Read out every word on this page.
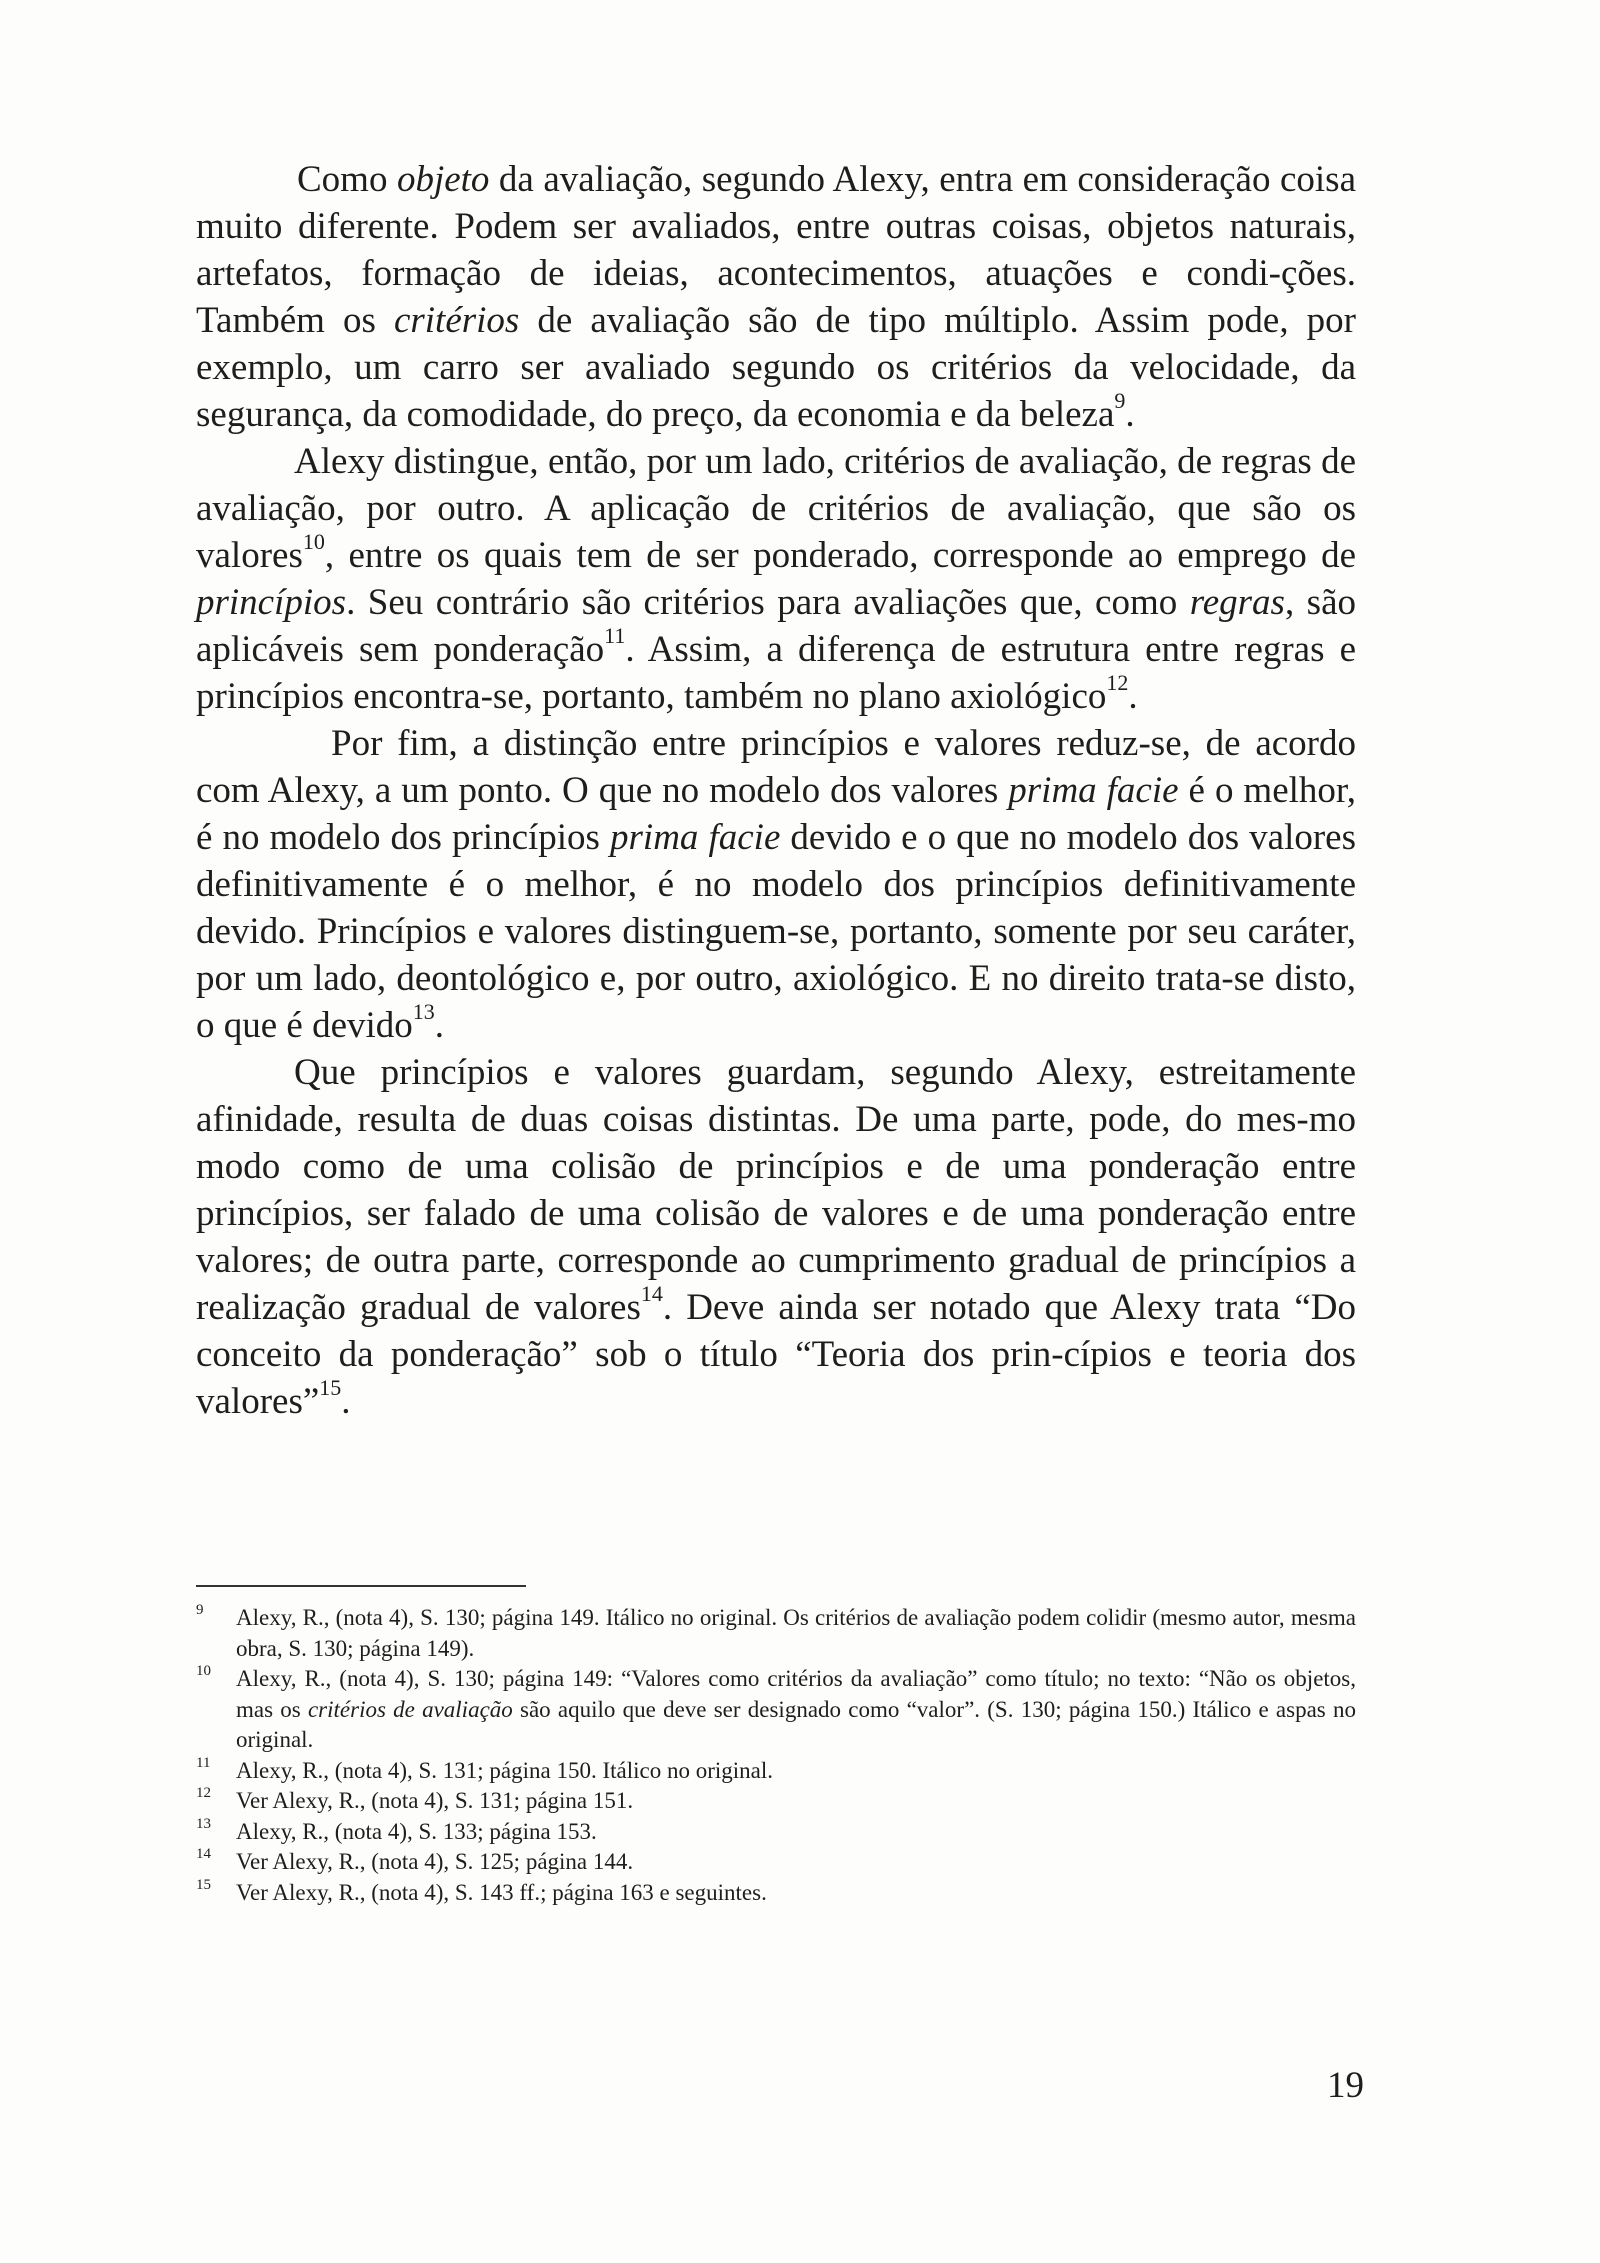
Como objeto da avaliação, segundo Alexy, entra em consideração coisa muito diferente. Podem ser avaliados, entre outras coisas, objetos naturais, artefatos, formação de ideias, acontecimentos, atuações e condi-ções. Também os critérios de avaliação são de tipo múltiplo. Assim pode, por exemplo, um carro ser avaliado segundo os critérios da velocidade, da segurança, da comodidade, do preço, da economia e da beleza$^9$.

Alexy distingue, então, por um lado, critérios de avaliação, de regras de avaliação, por outro. A aplicação de critérios de avaliação, que são os valores$^{10}$, entre os quais tem de ser ponderado, corresponde ao emprego de princípios. Seu contrário são critérios para avaliações que, como regras, são aplicáveis sem ponderação$^{11}$. Assim, a diferença de estrutura entre regras e princípios encontra-se, portanto, também no plano axiológico$^{12}$.

Por fim, a distinção entre princípios e valores reduz-se, de acordo com Alexy, a um ponto. O que no modelo dos valores prima facie é o melhor, é no modelo dos princípios prima facie devido e o que no modelo dos valores definitivamente é o melhor, é no modelo dos princípios definitivamente devido. Princípios e valores distinguem-se, portanto, somente por seu caráter, por um lado, deontológico e, por outro, axiológico. E no direito trata-se disto, o que é devido$^{13}$.

Que princípios e valores guardam, segundo Alexy, estreitamente afinidade, resulta de duas coisas distintas. De uma parte, pode, do mes-mo modo como de uma colisão de princípios e de uma ponderação entre princípios, ser falado de uma colisão de valores e de uma ponderação entre valores; de outra parte, corresponde ao cumprimento gradual de princípios a realização gradual de valores$^{14}$. Deve ainda ser notado que Alexy trata “Do conceito da ponderação” sob o título “Teoria dos prin-cípios e teoria dos valores”$^{15}$.

9 Alexy, R., (nota 4), S. 130; página 149. Itálico no original. Os critérios de avaliação podem colidir (mesmo autor, mesma obra, S. 130; página 149).
10 Alexy, R., (nota 4), S. 130; página 149: “Valores como critérios da avaliação” como título; no texto: “Não os objetos, mas os critérios de avaliação são aquilo que deve ser designado como “valor”. (S. 130; página 150.) Itálico e aspas no original.
11 Alexy, R., (nota 4), S. 131; página 150. Itálico no original.
12 Ver Alexy, R., (nota 4), S. 131; página 151.
13 Alexy, R., (nota 4), S. 133; página 153.
14 Ver Alexy, R., (nota 4), S. 125; página 144.
15 Ver Alexy, R., (nota 4), S. 143 ff.; página 163 e seguintes.
19
